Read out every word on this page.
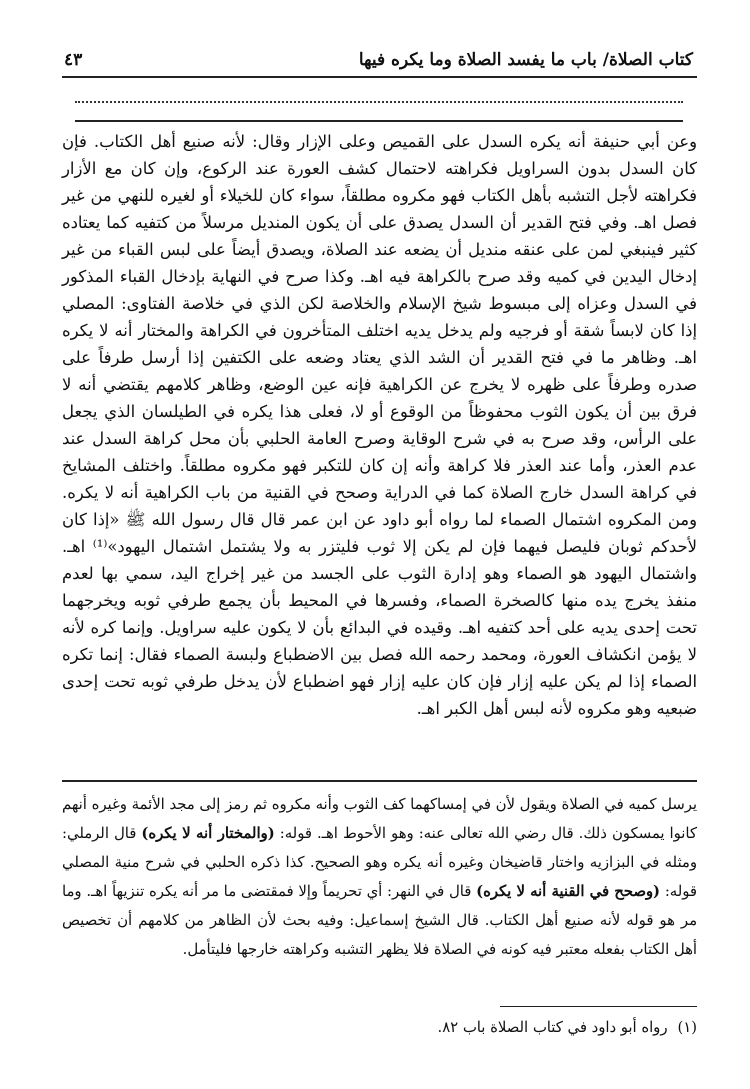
كتاب الصلاة/ باب ما يفسد الصلاة وما يكره فيها
٤٣

وعن أبي حنيفة أنه يكره السدل على القميص وعلى الإزار وقال: لأنه صنيع أهل الكتاب. فإن كان السدل بدون السراويل فكراهته لاحتمال كشف العورة عند الركوع، وإن كان مع الأزار فكراهته لأجل التشبه بأهل الكتاب فهو مكروه مطلقاً، سواء كان للخيلاء أو لغيره للنهي من غير فصل اهـ. وفي فتح القدير أن السدل يصدق على أن يكون المنديل مرسلاً من كتفيه كما يعتاده كثير فينبغي لمن على عنقه منديل أن يضعه عند الصلاة، ويصدق أيضاً على لبس القباء من غير إدخال اليدين في كميه وقد صرح بالكراهة فيه اهـ. وكذا صرح في النهاية بإدخال القباء المذكور في السدل وعزاه إلى مبسوط شيخ الإسلام والخلاصة لكن الذي في خلاصة الفتاوى: المصلي إذا كان لابساً شقة أو فرجيه ولم يدخل يديه اختلف المتأخرون في الكراهة والمختار أنه لا يكره اهـ. وظاهر ما في فتح القدير أن الشد الذي يعتاد وضعه على الكتفين إذا أرسل طرفاً على صدره وطرفاً على ظهره لا يخرج عن الكراهية فإنه عين الوضع، وظاهر كلامهم يقتضي أنه لا فرق بين أن يكون الثوب محفوظاً من الوقوع أو لا، فعلى هذا يكره في الطيلسان الذي يجعل على الرأس، وقد صرح به في شرح الوقاية وصرح العامة الحلبي بأن محل كراهة السدل عند عدم العذر، وأما عند العذر فلا كراهة وأنه إن كان للتكبر فهو مكروه مطلقاً. واختلف المشايخ في كراهة السدل خارج الصلاة كما في الدراية وصحح في القنية من باب الكراهية أنه لا يكره. ومن المكروه اشتمال الصماء لما رواه أبو داود عن ابن عمر قال قال رسول الله ﷺ «إذا كان لأحدكم ثوبان فليصل فيهما فإن لم يكن إلا ثوب فليتزر به ولا يشتمل اشتمال اليهود»⁽¹⁾ اهـ. واشتمال اليهود هو الصماء وهو إدارة الثوب على الجسد من غير إخراج اليد، سمي بها لعدم منفذ يخرج يده منها كالصخرة الصماء، وفسرها في المحيط بأن يجمع طرفي ثوبه ويخرجهما تحت إحدى يديه على أحد كتفيه اهـ. وقيده في البدائع بأن لا يكون عليه سراويل. وإنما كره لأنه لا يؤمن انكشاف العورة، ومحمد رحمه الله فصل بين الاضطباع ولبسة الصماء فقال: إنما تكره الصماء إذا لم يكن عليه إزار فإن كان عليه إزار فهو اضطباع لأن يدخل طرفي ثوبه تحت إحدى ضبعيه وهو مكروه لأنه لبس أهل الكبر اهـ.

يرسل كميه في الصلاة ويقول لأن في إمساكهما كف الثوب وأنه مكروه ثم رمز إلى مجد الأئمة وغيره أنهم كانوا يمسكون ذلك. قال رضي الله تعالى عنه: وهو الأحوط اهـ. قوله: (والمختار أنه لا يكره) قال الرملي: ومثله في البزازيه واختار قاضيخان وغيره أنه يكره وهو الصحيح. كذا ذكره الحلبي في شرح منية المصلي قوله: (وصحح في القنية أنه لا يكره) قال في النهر: أي تحريماً وإلا فمقتضى ما مر أنه يكره تنزيهاً اهـ. وما مر هو قوله لأنه صنيع أهل الكتاب. قال الشيخ إسماعيل: وفيه بحث لأن الظاهر من كلامهم أن تخصيص أهل الكتاب بفعله معتبر فيه كونه في الصلاة فلا يظهر التشبه وكراهته خارجها فليتأمل.

(١)رواه أبو داود في كتاب الصلاة باب ٨٢.
